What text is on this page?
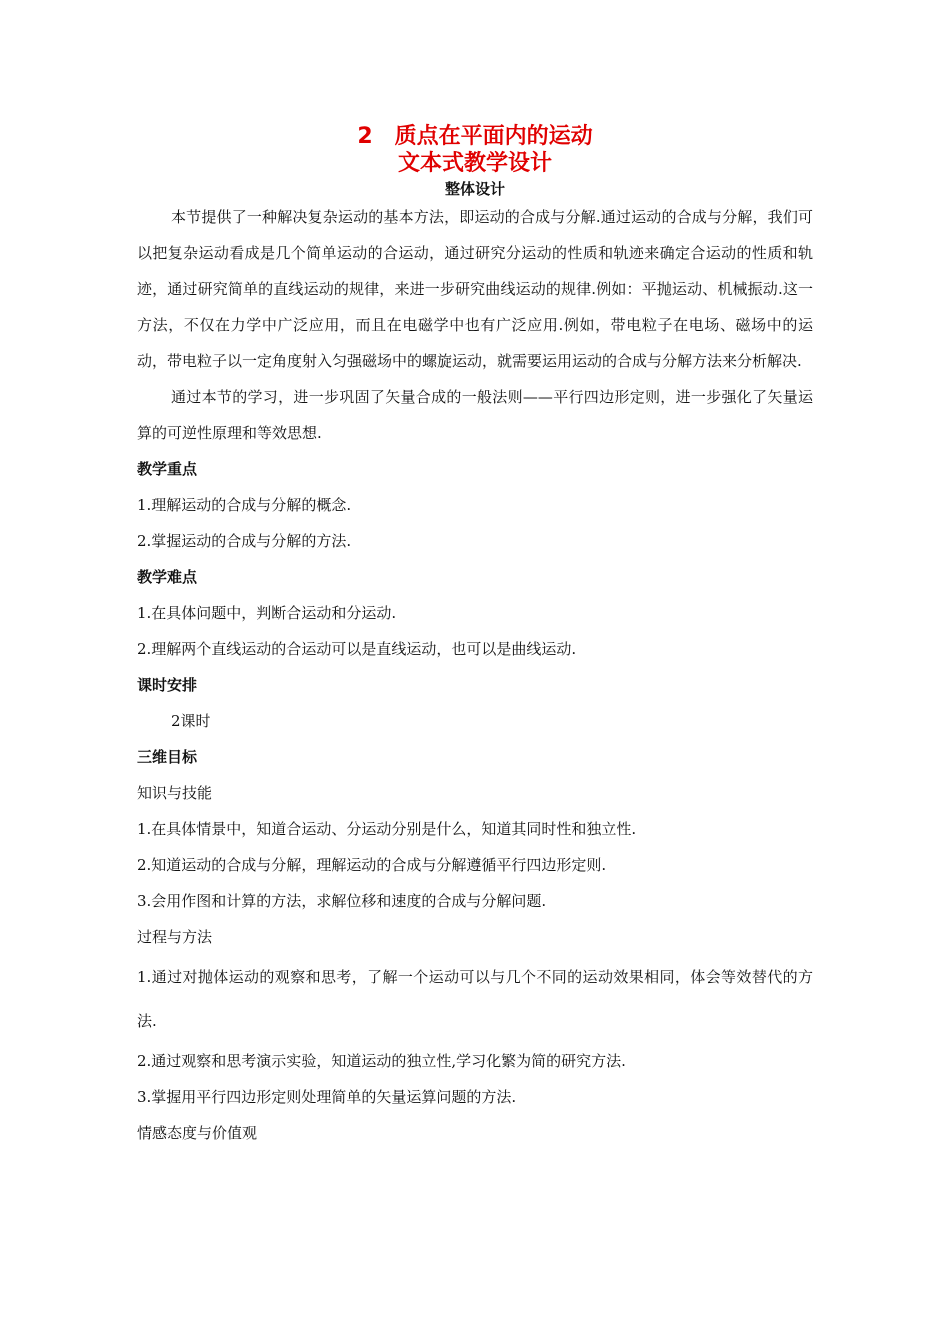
2　质点在平面内的运动
文本式教学设计
整体设计

本节提供了一种解决复杂运动的基本方法，即运动的合成与分解.通过运动的合成与分解，我们可以把复杂运动看成是几个简单运动的合运动，通过研究分运动的性质和轨迹来确定合运动的性质和轨迹，通过研究简单的直线运动的规律，来进一步研究曲线运动的规律.例如：平抛运动、机械振动.这一方法，不仅在力学中广泛应用，而且在电磁学中也有广泛应用.例如，带电粒子在电场、磁场中的运动，带电粒子以一定角度射入匀强磁场中的螺旋运动，就需要运用运动的合成与分解方法来分析解决.

通过本节的学习，进一步巩固了矢量合成的一般法则——平行四边形定则，进一步强化了矢量运算的可逆性原理和等效思想.

教学重点

1.理解运动的合成与分解的概念.

2.掌握运动的合成与分解的方法.

教学难点

1.在具体问题中，判断合运动和分运动.

2.理解两个直线运动的合运动可以是直线运动，也可以是曲线运动.

课时安排

2课时

三维目标

知识与技能

1.在具体情景中，知道合运动、分运动分别是什么，知道其同时性和独立性.

2.知道运动的合成与分解，理解运动的合成与分解遵循平行四边形定则.

3.会用作图和计算的方法，求解位移和速度的合成与分解问题.

过程与方法

1.通过对抛体运动的观察和思考，了解一个运动可以与几个不同的运动效果相同，体会等效替代的方法.

2.通过观察和思考演示实验，知道运动的独立性,学习化繁为简的研究方法.

3.掌握用平行四边形定则处理简单的矢量运算问题的方法.

情感态度与价值观
